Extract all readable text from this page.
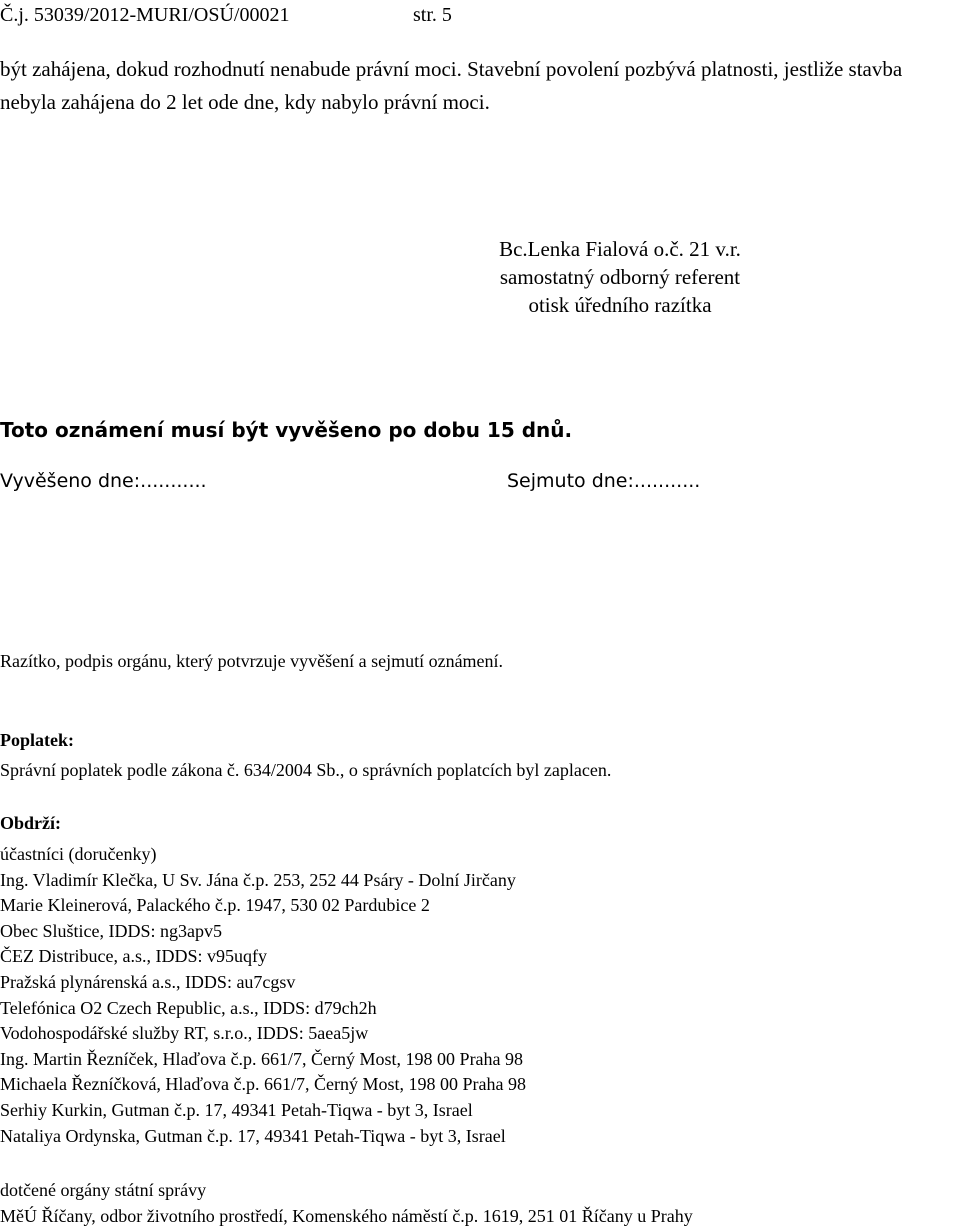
Č.j. 53039/2012-MURI/OSÚ/00021	str. 5
být zahájena, dokud rozhodnutí nenabude právní moci. Stavební povolení pozbývá platnosti, jestliže stavba nebyla zahájena do 2 let ode dne, kdy nabylo právní moci.
Bc.Lenka Fialová o.č. 21 v.r.
samostatný odborný referent
otisk úředního razítka
Toto oznámení musí být vyvěšeno po dobu 15 dnů.
Vyvěšeno dne:...........	Sejmuto dne:...........
Razítko, podpis orgánu, který potvrzuje vyvěšení a sejmutí oznámení.
Poplatek:
Správní poplatek podle zákona č. 634/2004 Sb., o správních poplatcích byl zaplacen.
Obdrží:
účastníci (doručenky)
Ing. Vladimír Klečka, U Sv. Jána č.p. 253, 252 44 Psáry - Dolní Jirčany
Marie Kleinerová, Palackého č.p. 1947, 530 02 Pardubice 2
Obec Sluštice, IDDS: ng3apv5
ČEZ Distribuce, a.s., IDDS: v95uqfy
Pražská plynárenská a.s., IDDS: au7cgsv
Telefónica O2 Czech Republic, a.s., IDDS: d79ch2h
Vodohospodářské služby RT, s.r.o., IDDS: 5aea5jw
Ing. Martin Řezníček, Hlaďova č.p. 661/7, Černý Most, 198 00 Praha 98
Michaela Řezníčková, Hlaďova č.p. 661/7, Černý Most, 198 00 Praha 98
Serhiy Kurkin, Gutman č.p. 17, 49341 Petah-Tiqwa - byt 3, Israel
Nataliya Ordynska, Gutman č.p. 17, 49341 Petah-Tiqwa - byt 3, Israel
dotčené orgány státní správy
MěÚ Říčany, odbor životního prostředí, Komenského náměstí č.p. 1619, 251 01 Říčany u Prahy
